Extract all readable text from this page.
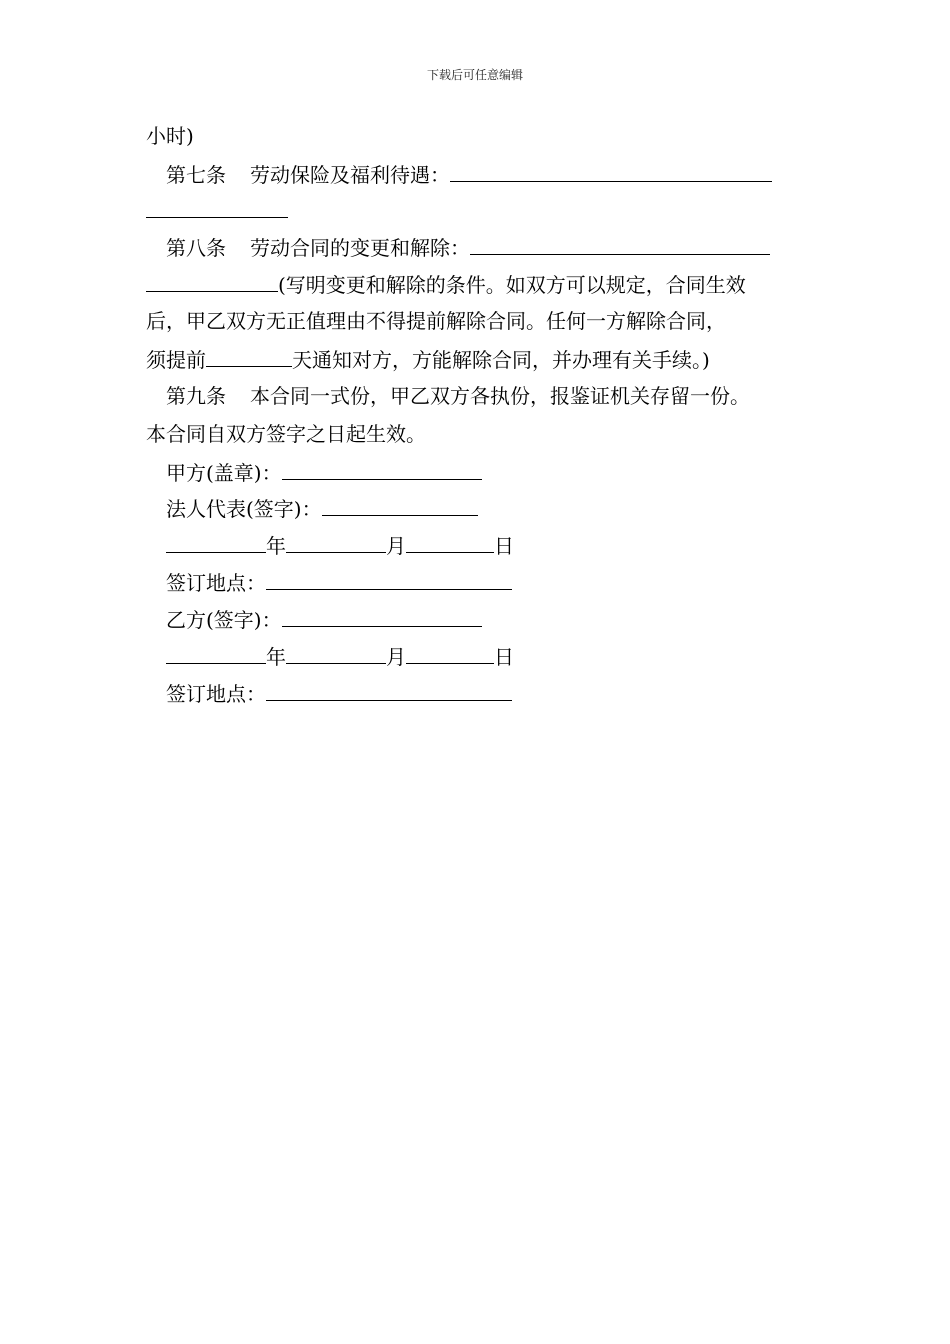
下载后可任意编辑
小时)
第七条 劳动保险及福利待遇：
第八条 劳动合同的变更和解除：
(写明变更和解除的条件。如双方可以规定，合同生效
后，甲乙双方无正值理由不得提前解除合同。任何一方解除合同，
须提前	天通知对方，方能解除合同，并办理有关手续。)
第九条 本合同一式份，甲乙双方各执份，报鉴证机关存留一份。
本合同自双方签字之日起生效。
甲方(盖章)：
法人代表(签字)：
年	月	日
签订地点：
乙方(签字)：
年	月	日
签订地点：
